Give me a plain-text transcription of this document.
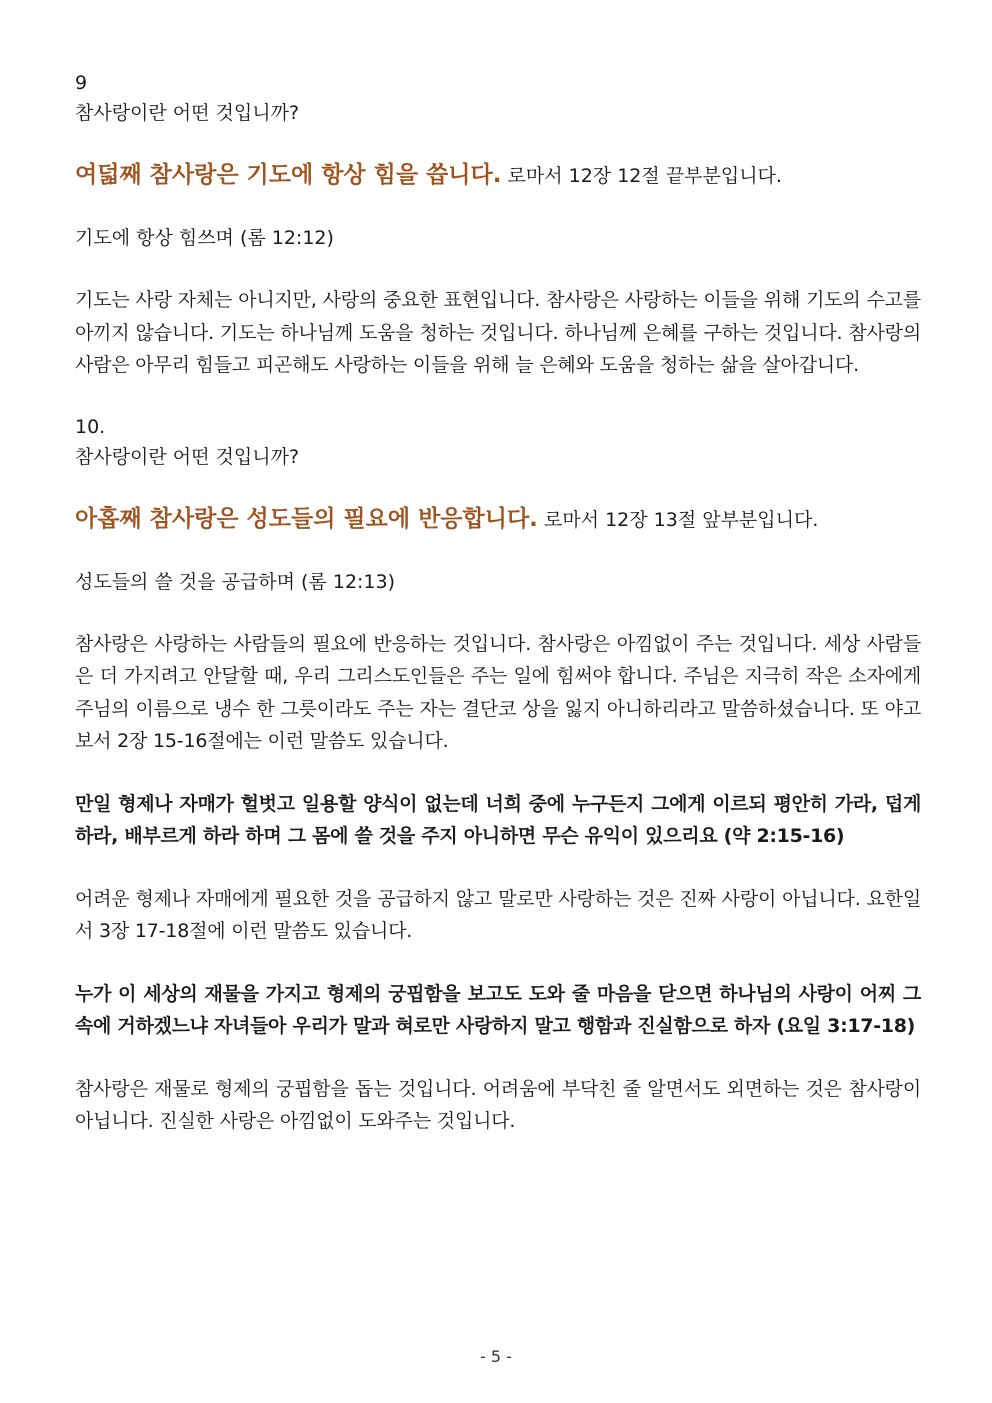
9

참사랑이란 어떤 것입니까?

여덟째 참사랑은 기도에 항상 힘을 씁니다. 로마서 12장 12절 끝부분입니다.

기도에 항상 힘쓰며 (롬 12:12)

기도는 사랑 자체는 아니지만, 사랑의 중요한 표현입니다. 참사랑은 사랑하는 이들을 위해 기도의 수고를 아끼지 않습니다. 기도는 하나님께 도움을 청하는 것입니다. 하나님께 은혜를 구하는 것입니다. 참사랑의 사람은 아무리 힘들고 피곤해도 사랑하는 이들을 위해 늘 은혜와 도움을 청하는 삶을 살아갑니다.

10.

참사랑이란 어떤 것입니까?

아홉째 참사랑은 성도들의 필요에 반응합니다. 로마서 12장 13절 앞부분입니다.

성도들의 쓸 것을 공급하며 (롬 12:13)

참사랑은 사랑하는 사람들의 필요에 반응하는 것입니다. 참사랑은 아낌없이 주는 것입니다. 세상 사람들은 더 가지려고 안달할 때, 우리 그리스도인들은 주는 일에 힘써야 합니다. 주님은 지극히 작은 소자에게 주님의 이름으로 냉수 한 그릇이라도 주는 자는 결단코 상을 잃지 아니하리라고 말씀하셨습니다. 또 야고보서 2장 15-16절에는 이런 말씀도 있습니다.

만일 형제나 자매가 헐벗고 일용할 양식이 없는데 너희 중에 누구든지 그에게 이르되 평안히 가라, 덥게 하라, 배부르게 하라 하며 그 몸에 쓸 것을 주지 아니하면 무슨 유익이 있으리요 (약 2:15-16)

어려운 형제나 자매에게 필요한 것을 공급하지 않고 말로만 사랑하는 것은 진짜 사랑이 아닙니다. 요한일서 3장 17-18절에 이런 말씀도 있습니다.

누가 이 세상의 재물을 가지고 형제의 궁핍함을 보고도 도와 줄 마음을 닫으면 하나님의 사랑이 어찌 그 속에 거하겠느냐 자녀들아 우리가 말과 혀로만 사랑하지 말고 행함과 진실함으로 하자 (요일 3:17-18)

참사랑은 재물로 형제의 궁핍함을 돕는 것입니다. 어려움에 부닥친 줄 알면서도 외면하는 것은 참사랑이 아닙니다. 진실한 사랑은 아낌없이 도와주는 것입니다.

- 5 -
